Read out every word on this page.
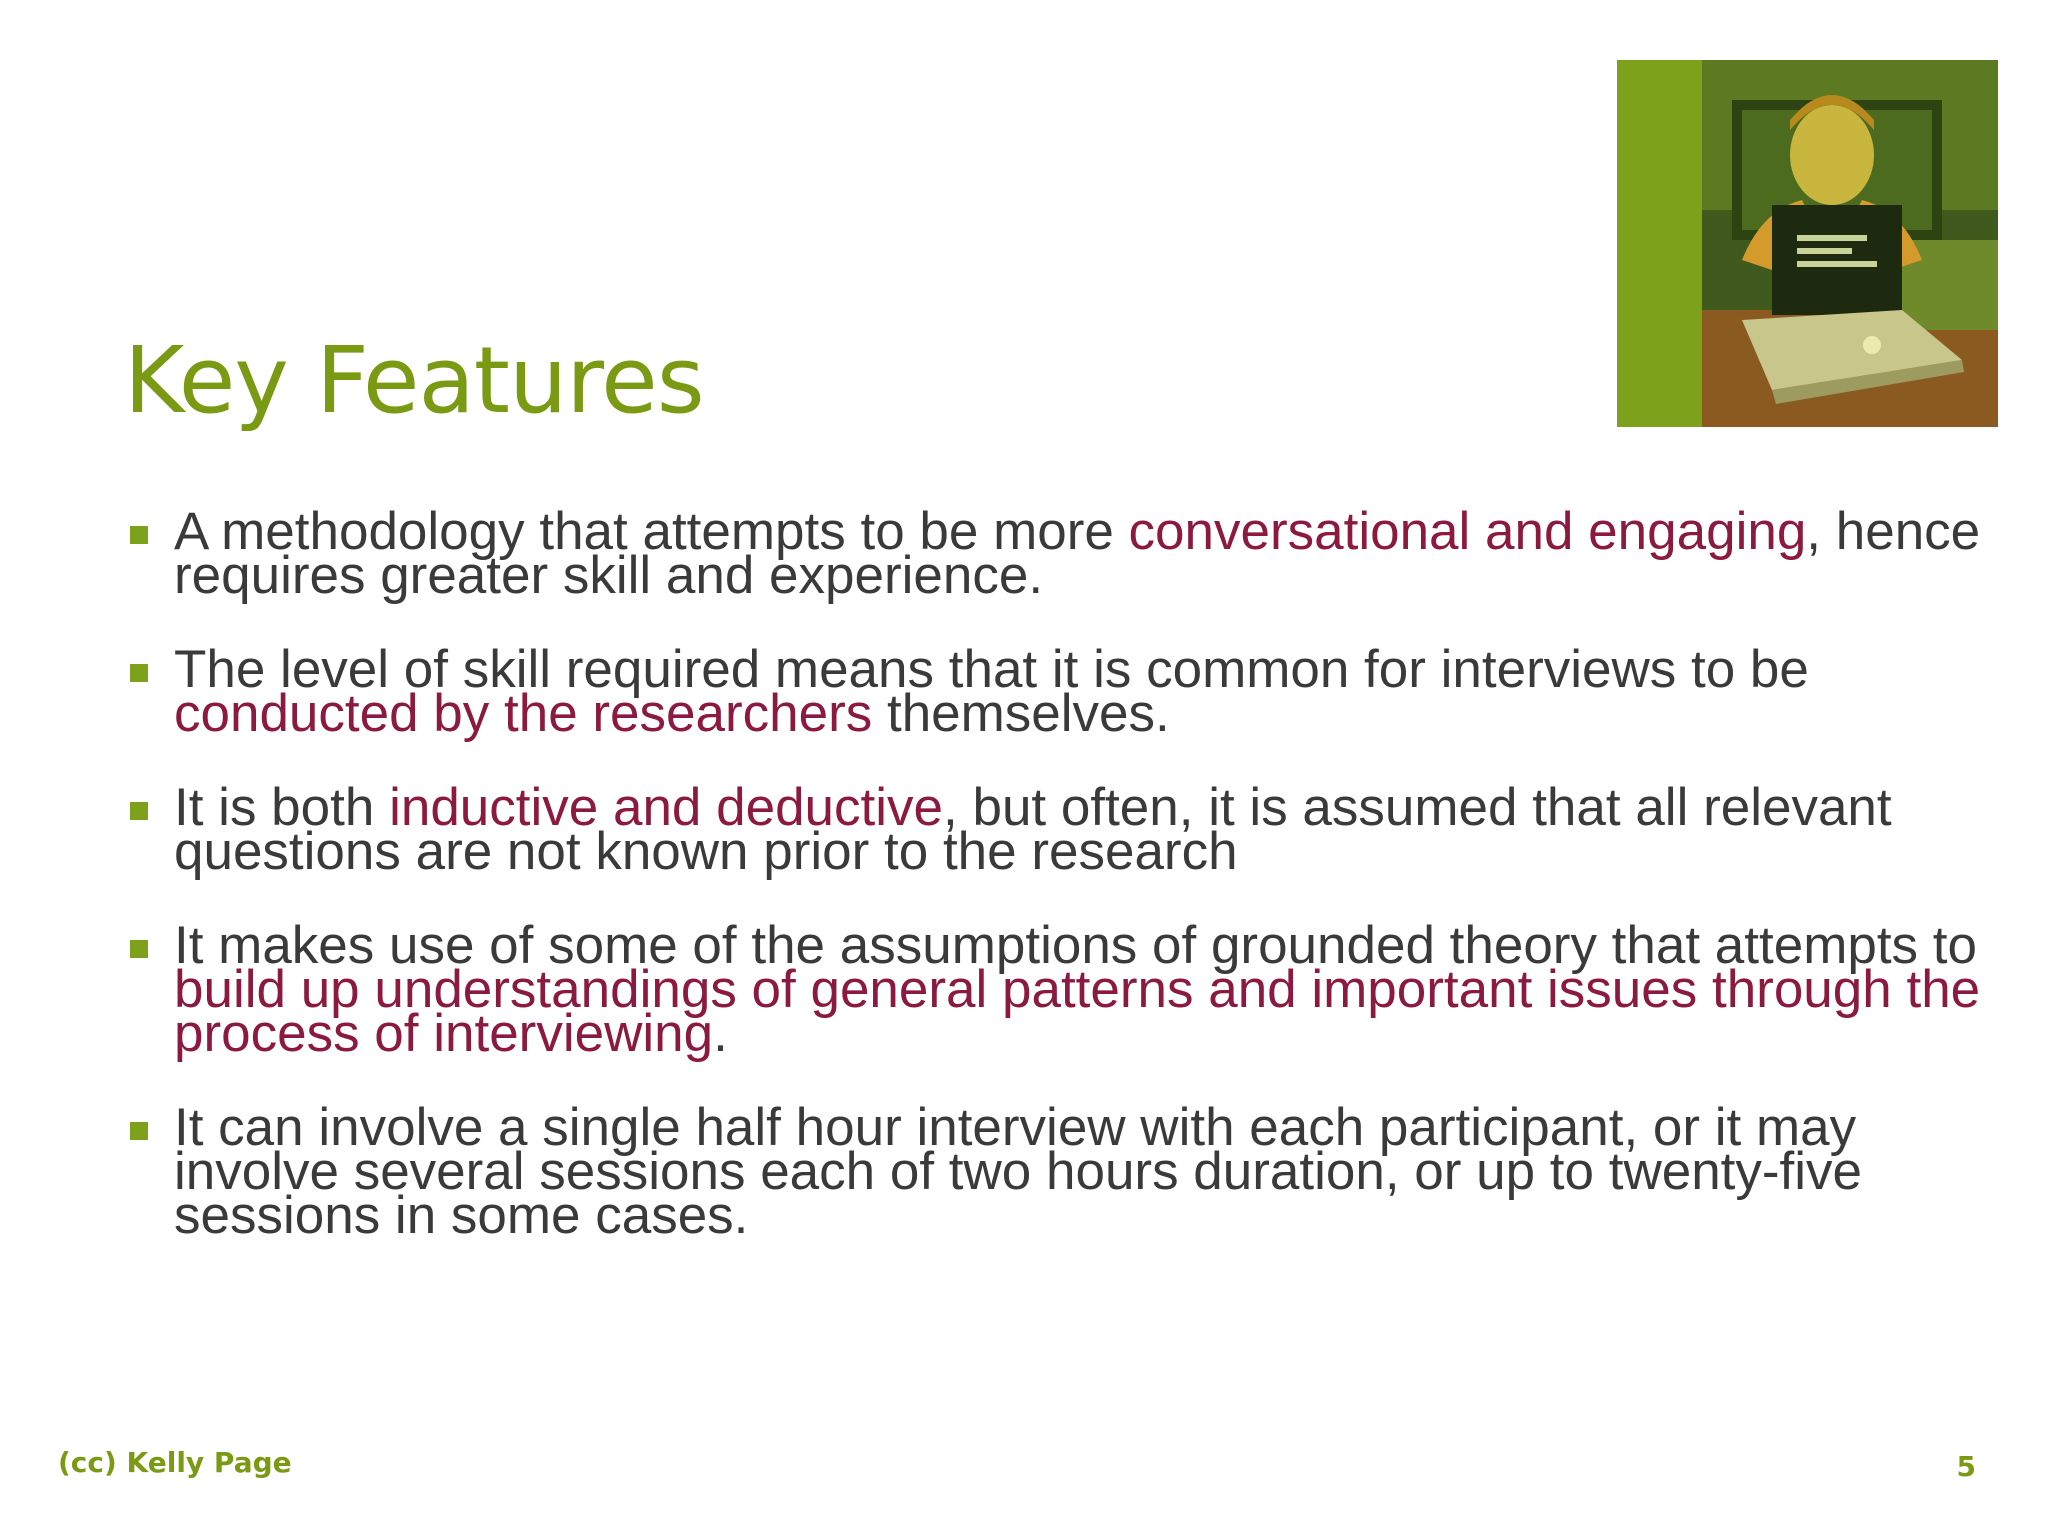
Key Features
A methodology that attempts to be more conversational and engaging, hence requires greater skill and experience.
The level of skill required means that it is common for interviews to be conducted by the researchers themselves.
It is both inductive and deductive, but often, it is assumed that all relevant questions are not known prior to the research
It makes use of some of the assumptions of grounded theory that attempts to build up understandings of general patterns and important issues through the process of interviewing.
It can involve a single half hour interview with each participant, or it may involve several sessions each of two hours duration, or up to twenty-five sessions in some cases.
(cc) Kelly Page	5
